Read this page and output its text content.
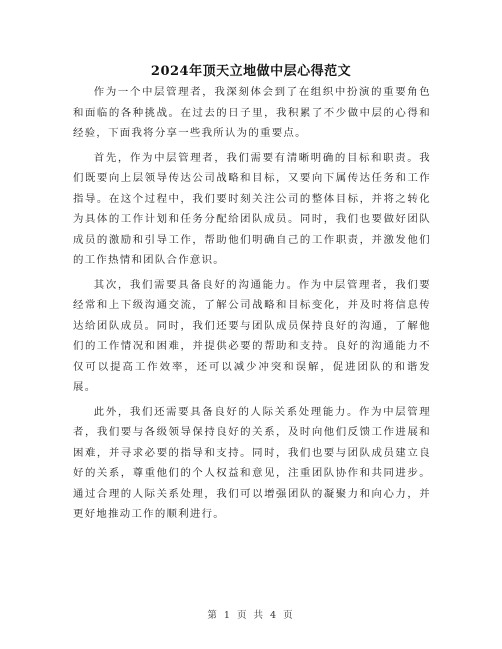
2024年顶天立地做中层心得范文

作为一个中层管理者，我深刻体会到了在组织中扮演的重要角色和面临的各种挑战。在过去的日子里，我积累了不少做中层的心得和经验，下面我将分享一些我所认为的重要点。

首先，作为中层管理者，我们需要有清晰明确的目标和职责。我们既要向上层领导传达公司战略和目标，又要向下属传达任务和工作指导。在这个过程中，我们要时刻关注公司的整体目标，并将之转化为具体的工作计划和任务分配给团队成员。同时，我们也要做好团队成员的激励和引导工作，帮助他们明确自己的工作职责，并激发他们的工作热情和团队合作意识。

其次，我们需要具备良好的沟通能力。作为中层管理者，我们要经常和上下级沟通交流，了解公司战略和目标变化，并及时将信息传达给团队成员。同时，我们还要与团队成员保持良好的沟通，了解他们的工作情况和困难，并提供必要的帮助和支持。良好的沟通能力不仅可以提高工作效率，还可以减少冲突和误解，促进团队的和谐发展。

此外，我们还需要具备良好的人际关系处理能力。作为中层管理者，我们要与各级领导保持良好的关系，及时向他们反馈工作进展和困难，并寻求必要的指导和支持。同时，我们也要与团队成员建立良好的关系，尊重他们的个人权益和意见，注重团队协作和共同进步。通过合理的人际关系处理，我们可以增强团队的凝聚力和向心力，并更好地推动工作的顺利进行。

第 1 页 共 4 页
